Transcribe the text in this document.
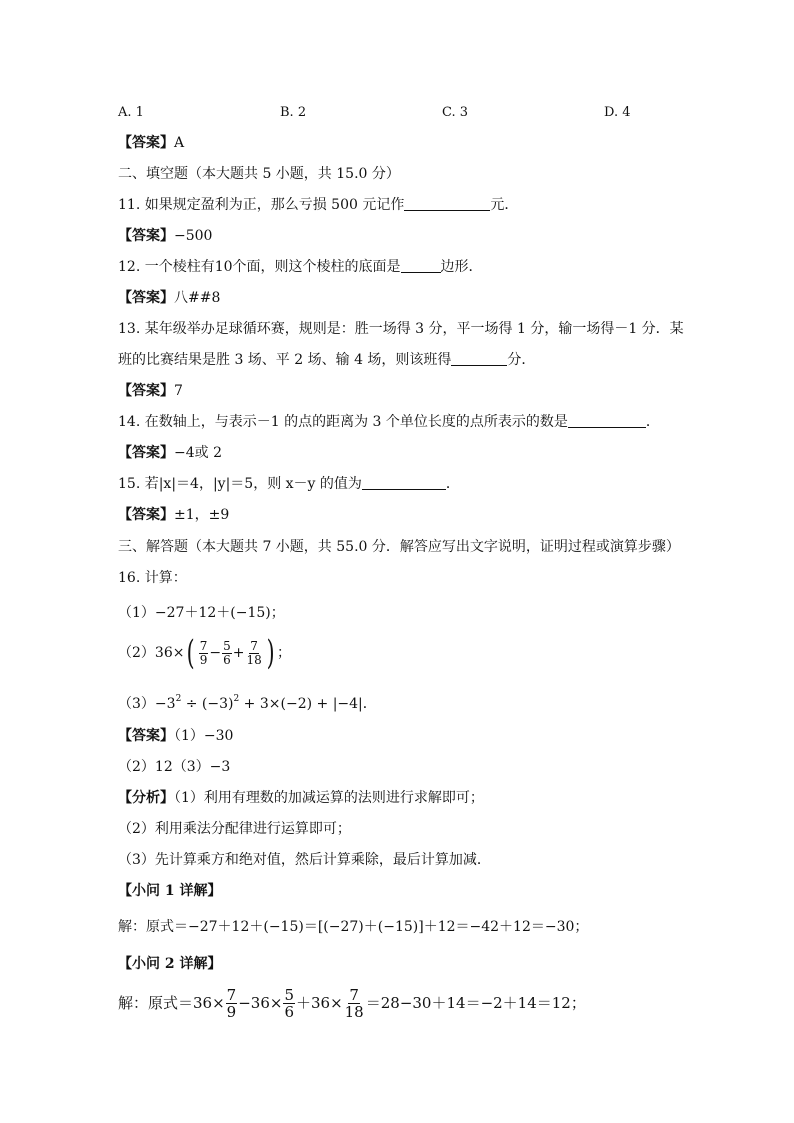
A. 1	B. 2	C. 3	D. 4
【答案】A
二、填空题（本大题共 5 小题，共 15.0 分）
11. 如果规定盈利为正，那么亏损 500 元记作	元．
【答案】−500
12. 一个棱柱有10个面，则这个棱柱的底面是	边形．
【答案】八##8
13. 某年级举办足球循环赛，规则是：胜一场得 3 分，平一场得 1 分，输一场得－1 分．某
班的比赛结果是胜 3 场、平 2 场、输 4 场，则该班得	分．
【答案】7
14. 在数轴上，与表示－1 的点的距离为 3 个单位长度的点所表示的数是	．
【答案】−4或 2
15. 若|x|＝4，|y|＝5，则 x－y 的值为	．
【答案】±1，±9
三、解答题（本大题共 7 小题，共 55.0 分．解答应写出文字说明，证明过程或演算步骤）
16. 计算：
（1）−27＋12＋(−15)；
（2） 36× ( $\frac{7}{9} - \frac{5}{6} + \frac{7}{18}$ ) ；
$(3)-3^2 \div (-3)^2 + 3\times(-2) + |-4|$．
【答案】（1）−30
（2）12（3）−3
【分析】（1）利用有理数的加减运算的法则进行求解即可；
（2）利用乘法分配律进行运算即可；
（3）先计算乘方和绝对值，然后计算乘除，最后计算加减．
【小问 1 详解】
解：原式＝−27＋12＋(−15)＝[(−27)＋(−15)]＋12＝−42＋12＝−30；
【小问 2 详解】
解：原式$=36\times \frac{7}{9} -36\times \frac{5}{6} +36\times \frac{7}{18} =28-30+14=-2+14=12$；
